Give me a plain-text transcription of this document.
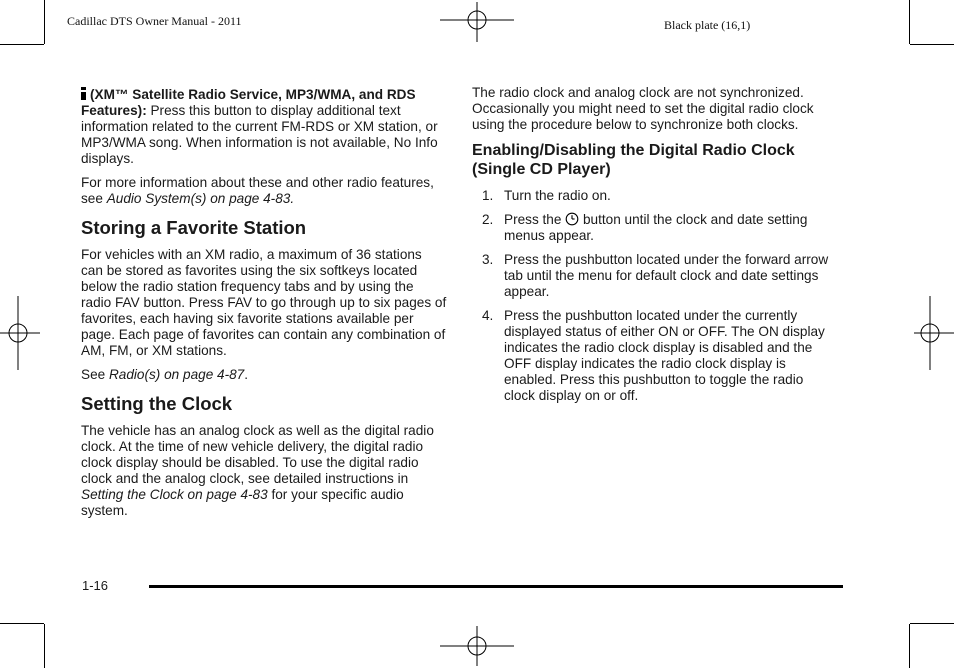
Cadillac DTS Owner Manual - 2011	Black plate (16,1)

(XM™ Satellite Radio Service, MP3/WMA, and RDS Features): Press this button to display additional text information related to the current FM-RDS or XM station, or MP3/WMA song. When information is not available, No Info displays.

For more information about these and other radio features, see Audio System(s) on page 4-83.

Storing a Favorite Station

For vehicles with an XM radio, a maximum of 36 stations can be stored as favorites using the six softkeys located below the radio station frequency tabs and by using the radio FAV button. Press FAV to go through up to six pages of favorites, each having six favorite stations available per page. Each page of favorites can contain any combination of AM, FM, or XM stations.

See Radio(s) on page 4-87.

Setting the Clock

The vehicle has an analog clock as well as the digital radio clock. At the time of new vehicle delivery, the digital radio clock display should be disabled. To use the digital radio clock and the analog clock, see detailed instructions in Setting the Clock on page 4-83 for your specific audio system.

The radio clock and analog clock are not synchronized. Occasionally you might need to set the digital radio clock using the procedure below to synchronize both clocks.

Enabling/Disabling the Digital Radio Clock (Single CD Player)
1. Turn the radio on.
2. Press the  button until the clock and date setting menus appear.
3. Press the pushbutton located under the forward arrow tab until the menu for default clock and date settings appear.
4. Press the pushbutton located under the currently displayed status of either ON or OFF. The ON display indicates the radio clock display is disabled and the OFF display indicates the radio clock display is enabled. Press this pushbutton to toggle the radio clock display on or off.
1-16
